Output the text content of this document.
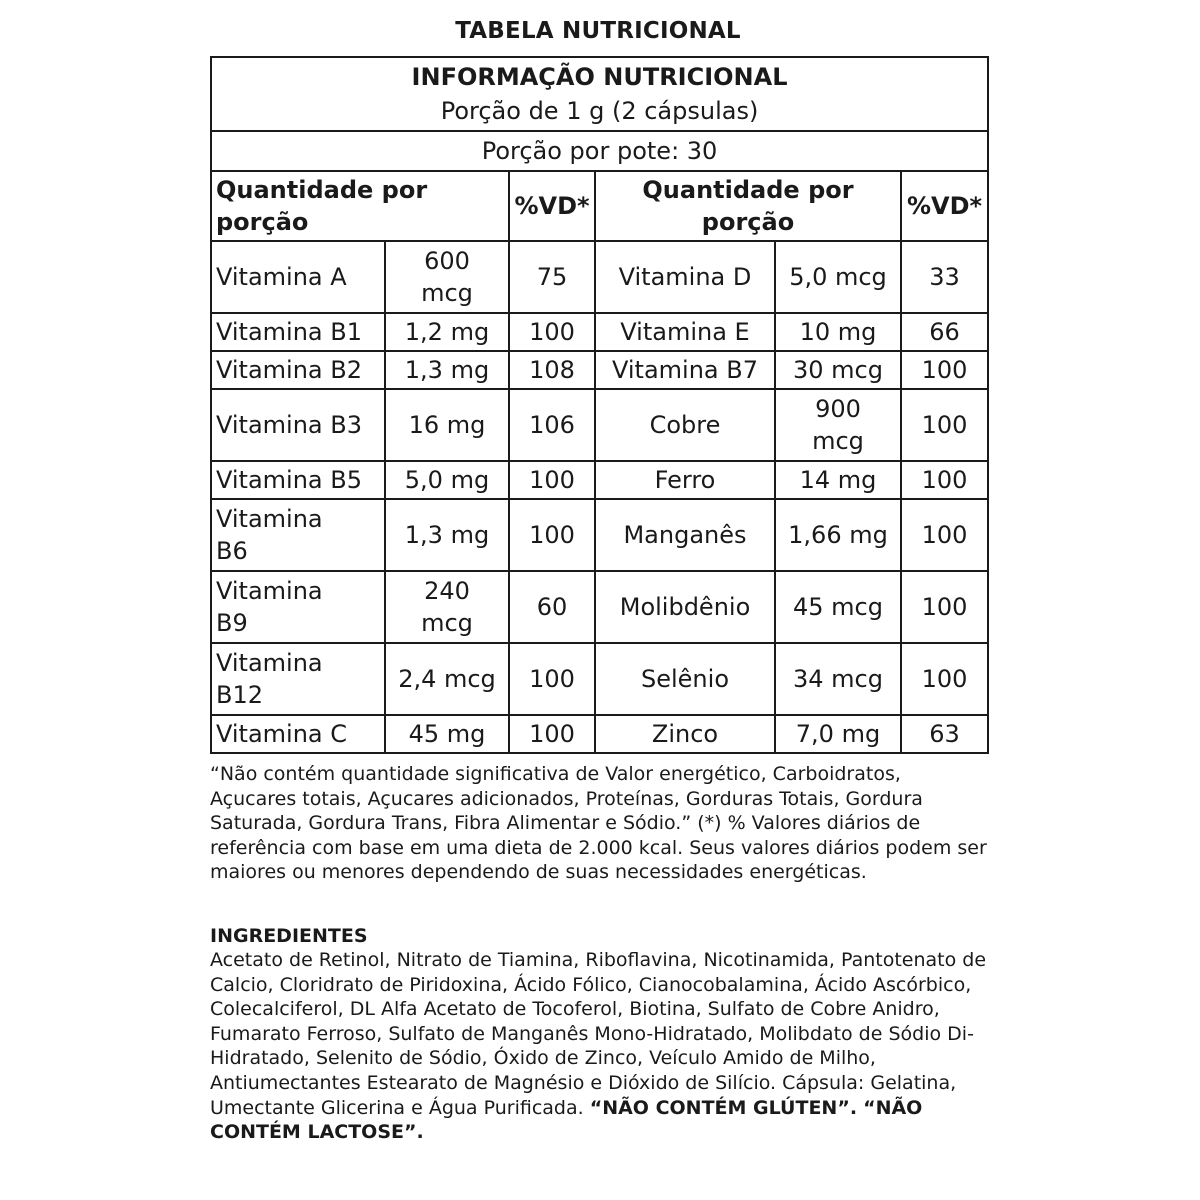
TABELA NUTRICIONAL
INFORMAÇÃO NUTRICIONAL
Porção de 1 g (2 cápsulas)					

Porção por pote: 30					
Quantidade por porção		%VD*	Quantidade por porção		%VD*
Vitamina A	600 mcg	75	Vitamina D	5,0 mcg	33
Vitamina B1	1,2 mg	100	Vitamina E	10 mg	66
Vitamina B2	1,3 mg	108	Vitamina B7	30 mcg	100
Vitamina B3	16 mg	106	Cobre	900 mcg	100
Vitamina B5	5,0 mg	100	Ferro	14 mg	100
Vitamina B6	1,3 mg	100	Manganês	1,66 mg	100
Vitamina B9	240 mcg	60	Molibdênio	45 mcg	100
Vitamina B12	2,4 mcg	100	Selênio	34 mcg	100
Vitamina C	45 mg	100	Zinco	7,0 mg	63
“Não contém quantidade significativa de Valor energético, Carboidratos, Açucares totais, Açucares adicionados, Proteínas, Gorduras Totais, Gordura Saturada, Gordura Trans, Fibra Alimentar e Sódio.” (*) % Valores diários de referência com base em uma dieta de 2.000 kcal. Seus valores diários podem ser maiores ou menores dependendo de suas necessidades energéticas.
INGREDIENTES
Acetato de Retinol, Nitrato de Tiamina, Riboflavina, Nicotinamida, Pantotenato de Calcio, Cloridrato de Piridoxina, Ácido Fólico, Cianocobalamina, Ácido Ascórbico, Colecalciferol, DL Alfa Acetato de Tocoferol, Biotina, Sulfato de Cobre Anidro, Fumarato Ferroso, Sulfato de Manganês Mono-Hidratado, Molibdato de Sódio Di-Hidratado, Selenito de Sódio, Óxido de Zinco, Veículo Amido de Milho, Antiumectantes Estearato de Magnésio e Dióxido de Silício. Cápsula: Gelatina, Umectante Glicerina e Água Purificada. “NÃO CONTÉM GLÚTEN”. “NÃO CONTÉM LACTOSE”.
